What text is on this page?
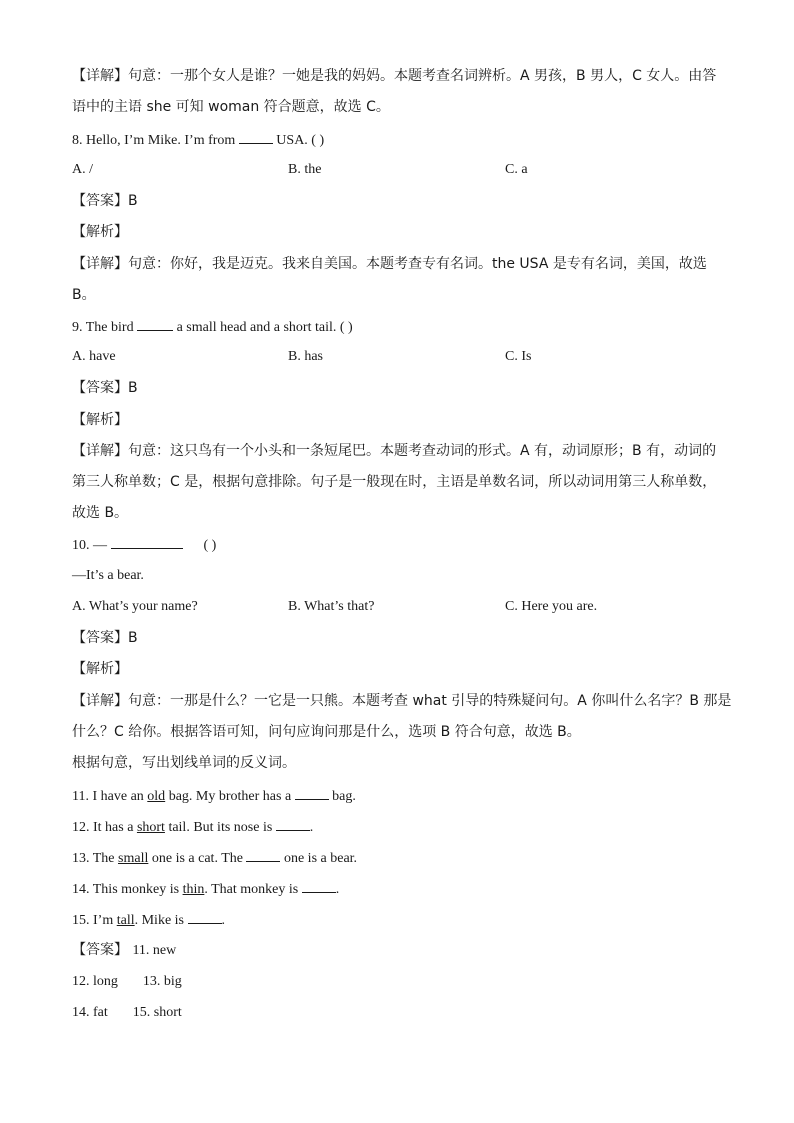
【详解】句意：一那个女人是谁？一她是我的妈妈。本题考查名词辨析。A 男孩，B 男人，C 女人。由答
语中的主语 she 可知 woman 符合题意，故选 C。
8. Hello, I’m Mike. I’m from	USA. ( )
A. /	B. the	C. a
【答案】B
【解析】
【详解】句意：你好，我是迈克。我来自美国。本题考查专有名词。the USA 是专有名词，美国，故选
B。
9. The bird	a small head and a short tail. ( )
A. have	B. has	C. Is
【答案】B
【解析】
【详解】句意：这只鸟有一个小头和一条短尾巴。本题考查动词的形式。A 有，动词原形；B 有，动词的
第三人称单数；C 是，根据句意排除。句子是一般现在时，主语是单数名词，所以动词用第三人称单数，
故选 B。
10. —	( )
—It’s a bear.
A. What’s your name?	B. What’s that?	C. Here you are.
【答案】B
【解析】
【详解】句意：一那是什么？一它是一只熊。本题考查 what 引导的特殊疑问句。A 你叫什么名字？B 那是
什么？C 给你。根据答语可知，问句应询问那是什么，选项 B 符合句意，故选 B。
根据句意，写出划线单词的反义词。
11. I have an old bag. My brother has a	bag.
12. It has a short tail. But its nose is	.
13. The small one is a cat. The	one is a bear.
14. This monkey is thin. That monkey is	.
15. I’m tall. Mike is	.
【答案】 11. new
12. long 13. big
14. fat 15. short
